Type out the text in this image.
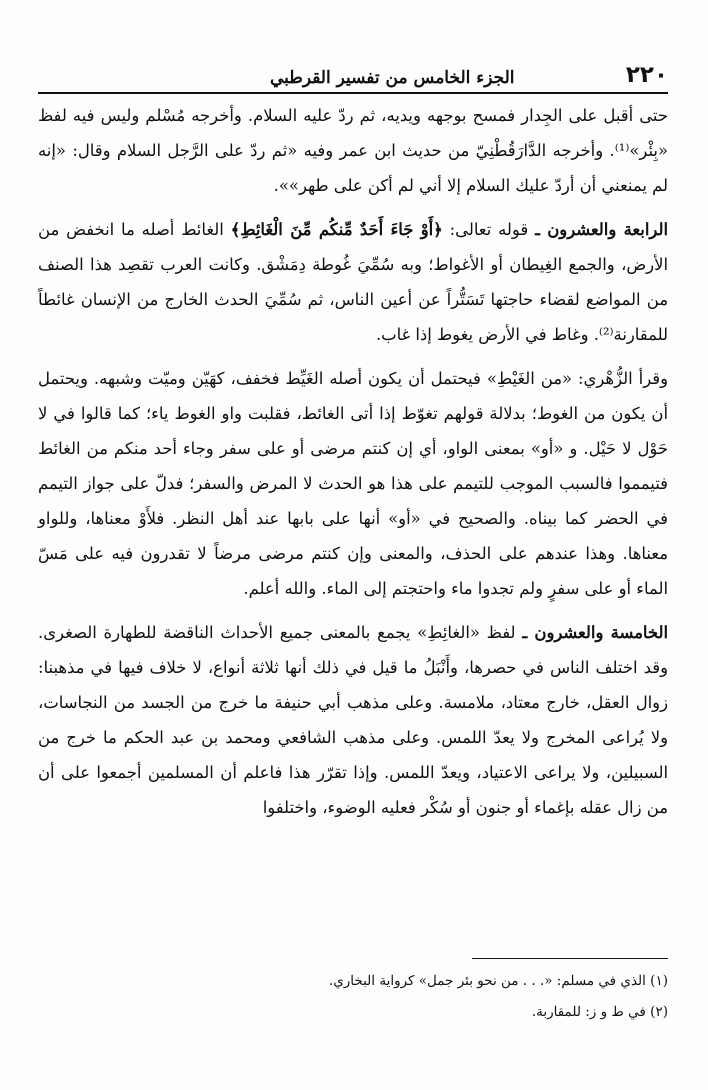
٢٢٠
الجزء الخامس من تفسير القرطبي

حتى أقبل على الجِدار فمسح بوجهه ويديه، ثم ردّ عليه السلام. وأخرجه مُسْلم وليس فيه لفظ «بِئْر»⁽¹⁾. وأخرجه الدَّارَقُطْنِيّ من حديث ابن عمر وفيه «ثم ردّ على الرَّجل السلام وقال: «إنه لم يمنعني أن أردّ عليك السلام إلا أني لم أكن على طهر»».

الرابعة والعشرون ـ قوله تعالى: ﴿أَوْ جَاءَ أَحَدٌ مِّنكُم مِّنَ الْغَائِطِ﴾ الغائط أصله ما انخفض من الأرض، والجمع الغِيطان أو الأغواط؛ وبه سُمِّيَ غُوطة دِمَشْق. وكانت العرب تقصِد هذا الصنف من المواضع لقضاء حاجتها تَسَتُّراً عن أعين الناس، ثم سُمِّيَ الحدث الخارج من الإنسان غائطاً للمقارنة⁽²⁾. وغاط في الأرض يغوط إذا غاب.

وقرأ الزُّهْري: «من الغَيْطِ» فيحتمل أن يكون أصله الغَيِّط فخفف، كهَيّن وميّت وشبهه. ويحتمل أن يكون من الغوط؛ بدلالة قولهم تغوّط إذا أتى الغائط، فقلبت واو الغوط ياء؛ كما قالوا في لا حَوْل لا حَيْل. و «أو» بمعنى الواو، أي إن كنتم مرضى أو على سفر وجاء أحد منكم من الغائط فتيمموا فالسبب الموجب للتيمم على هذا هو الحدث لا المرض والسفر؛ فدلّ على جواز التيمم في الحضر كما بيناه. والصحيح في «أو» أنها على بابها عند أهل النظر. فلأَوْ معناها، وللواو معناها. وهذا عندهم على الحذف، والمعنى وإن كنتم مرضى مرضاً لا تقدرون فيه على مَسّ الماء أو على سفرٍ ولم تجدوا ماء واحتجتم إلى الماء. والله أعلم.

الخامسة والعشرون ـ لفظ «الغائِطِ» يجمع بالمعنى جميع الأحداث الناقضة للطهارة الصغرى. وقد اختلف الناس في حصرها، وأَنْبَلُ ما قيل في ذلك أنها ثلاثة أنواع، لا خلاف فيها في مذهبنا: زوال العقل، خارج معتاد، ملامسة. وعلى مذهب أبي حنيفة ما خرج من الجسد من النجاسات، ولا يُراعى المخرج ولا يعدّ اللمس. وعلى مذهب الشافعي ومحمد بن عبد الحكم ما خرج من السبيلين، ولا يراعى الاعتياد، ويعدّ اللمس. وإذا تقرّر هذا فاعلم أن المسلمين أجمعوا على أن من زال عقله بإغماء أو جنون أو سُكْر فعليه الوضوء، واختلفوا

(١) الذي في مسلم: «. . . من نحو بئر جمل» كرواية البخاري.
(٢) في ط و ز: للمقاربة.
